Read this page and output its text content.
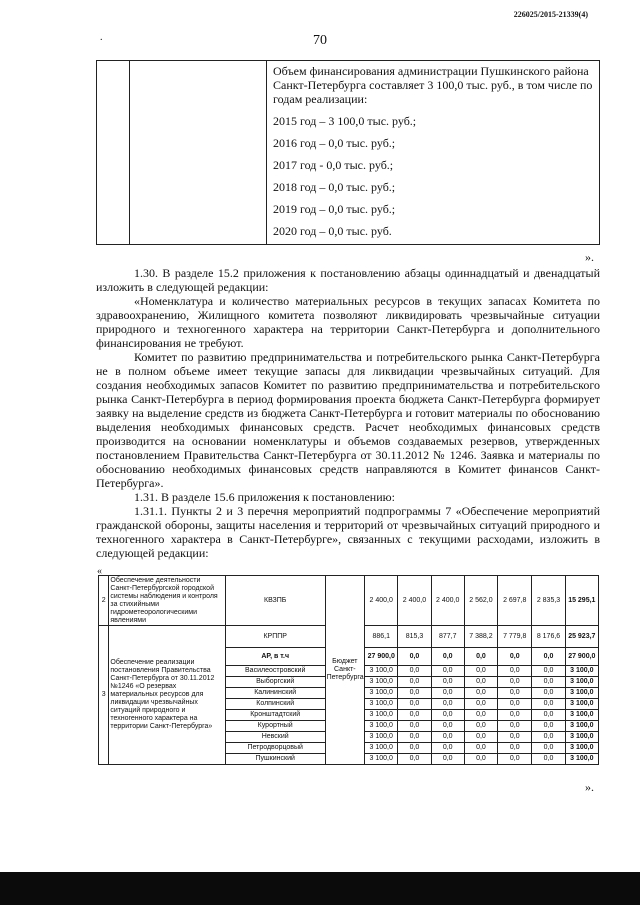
226025/2015-21339(4)
.	70

Объем финансирования администрации Пушкинского района Санкт-Петербурга составляет 3 100,0 тыс. руб., в том числе по годам реализации:
2015 год – 3 100,0 тыс. руб.;
2016 год – 0,0 тыс. руб.;
2017 год - 0,0 тыс. руб.;
2018 год – 0,0 тыс. руб.;
2019 год – 0,0 тыс. руб.;
2020 год – 0,0 тыс. руб.
».

1.30. В разделе 15.2 приложения к постановлению абзацы одиннадцатый и двенадцатый изложить в следующей редакции:

«Номенклатура и количество материальных ресурсов в текущих запасах Комитета по здравоохранению, Жилищного комитета позволяют ликвидировать чрезвычайные ситуации природного и техногенного характера на территории Санкт-Петербурга и дополнительного финансирования не требуют.

Комитет по развитию предпринимательства и потребительского рынка Санкт-Петербурга не в полном объеме имеет текущие запасы для ликвидации чрезвычайных ситуаций. Для создания необходимых запасов Комитет по развитию предпринимательства и потребительского рынка Санкт-Петербурга в период формирования проекта бюджета Санкт-Петербурга формирует заявку на выделение средств из бюджета Санкт-Петербурга и готовит материалы по обоснованию выделения необходимых финансовых средств. Расчет необходимых финансовых средств производится на основании номенклатуры и объемов создаваемых резервов, утвержденных постановлением Правительства Санкт-Петербурга от 30.11.2012 № 1246. Заявка и материалы по обоснованию необходимых финансовых средств направляются в Комитет финансов Санкт-Петербурга».

1.31. В разделе 15.6 приложения к постановлению:

1.31.1. Пункты 2 и 3 перечня мероприятий подпрограммы 7 «Обеспечение мероприятий гражданской обороны, защиты населения и территорий от чрезвычайных ситуаций природного и техногенного характера в Санкт-Петербурге», связанных с текущими расходами, изложить в следующей редакции:

«
2	Обеспечение деятельности Санкт-Петербургской городской системы наблюдения и контроля за стихийными гидрометеорологическими явлениями	КВЗПБ	Бюджет Санкт-Петербурга	2 400,0	2 400,0	2 400,0	2 562,0	2 697,8	2 835,3	15 295,1
3	Обеспечение реализации постановления Правительства Санкт-Петербурга от 30.11.2012 №1246 «О резервах материальных ресурсов для ликвидации чрезвычайных ситуаций природного и техногенного характера на территории Санкт-Петербурга»	КРППР		886,1	815,3	877,7	7 388,2	7 779,8	8 176,6	25 923,7
		АР, в т.ч		27 900,0	0,0	0,0	0,0	0,0	0,0	27 900,0
		Василеостровский		3 100,0	0,0	0,0	0,0	0,0	0,0	3 100,0
		Выборгский		3 100,0	0,0	0,0	0,0	0,0	0,0	3 100,0
		Калининский		3 100,0	0,0	0,0	0,0	0,0	0,0	3 100,0
		Колпинский		3 100,0	0,0	0,0	0,0	0,0	0,0	3 100,0
		Кронштадтский		3 100,0	0,0	0,0	0,0	0,0	0,0	3 100,0
		Курортный		3 100,0	0,0	0,0	0,0	0,0	0,0	3 100,0
		Невский		3 100,0	0,0	0,0	0,0	0,0	0,0	3 100,0
		Петродворцовый		3 100,0	0,0	0,0	0,0	0,0	0,0	3 100,0
		Пушкинский		3 100,0	0,0	0,0	0,0	0,0	0,0	3 100,0
».
